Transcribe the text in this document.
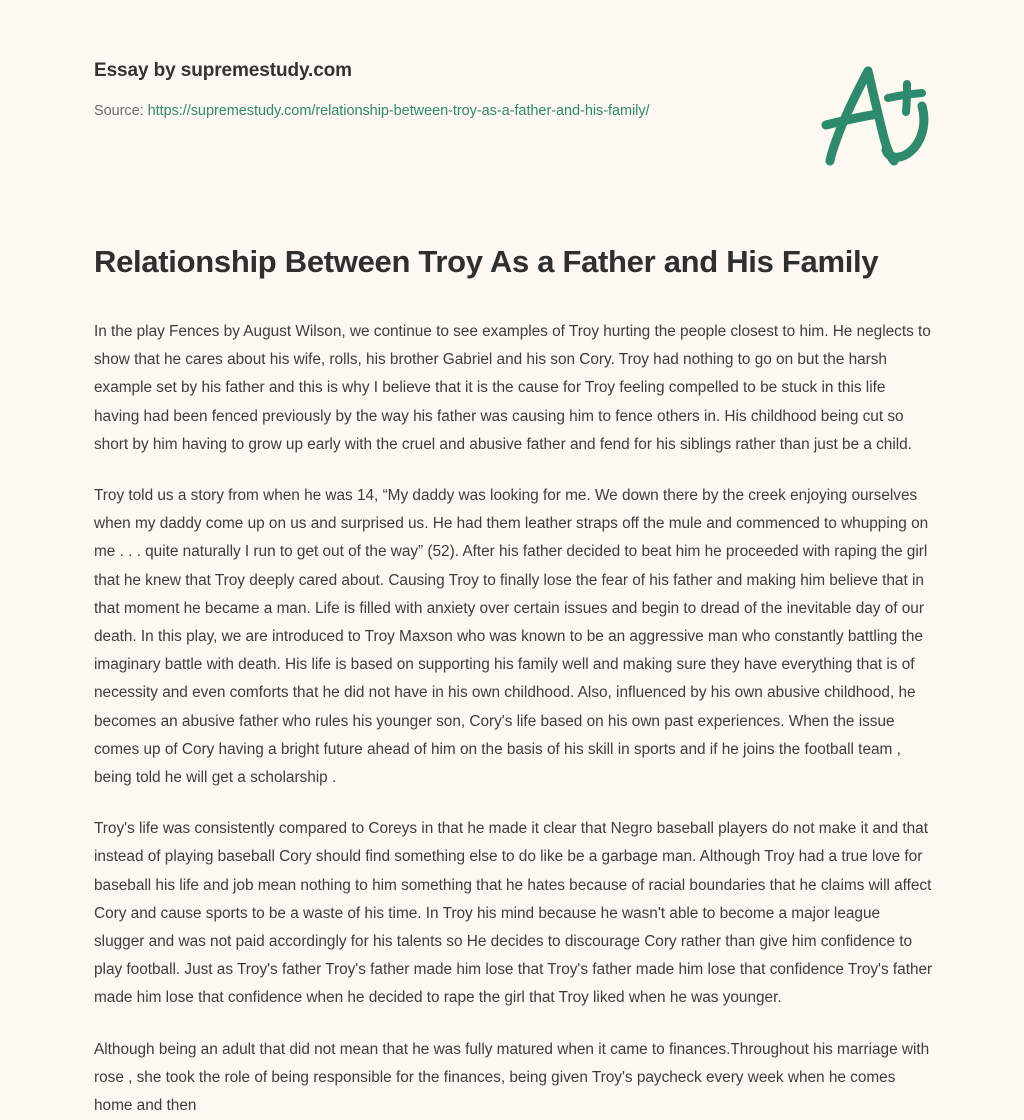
Essay by supremestudy.com
Source: https://supremestudy.com/relationship-between-troy-as-a-father-and-his-family/
Relationship Between Troy As a Father and His Family

In the play Fences by August Wilson, we continue to see examples of Troy hurting the people closest to him. He neglects to show that he cares about his wife, rolls, his brother Gabriel and his son Cory. Troy had nothing to go on but the harsh example set by his father and this is why I believe that it is the cause for Troy feeling compelled to be stuck in this life having had been fenced previously by the way his father was causing him to fence others in. His childhood being cut so short by him having to grow up early with the cruel and abusive father and fend for his siblings rather than just be a child.

Troy told us a story from when he was 14, “My daddy was looking for me. We down there by the creek enjoying ourselves when my daddy come up on us and surprised us. He had them leather straps off the mule and commenced to whupping on me . . . quite naturally I run to get out of the way” (52). After his father decided to beat him he proceeded with raping the girl that he knew that Troy deeply cared about. Causing Troy to finally lose the fear of his father and making him believe that in that moment he became a man. Life is filled with anxiety over certain issues and begin to dread of the inevitable day of our death. In this play, we are introduced to Troy Maxson who was known to be an aggressive man who constantly battling the imaginary battle with death. His life is based on supporting his family well and making sure they have everything that is of necessity and even comforts that he did not have in his own childhood. Also, influenced by his own abusive childhood, he becomes an abusive father who rules his younger son, Cory's life based on his own past experiences. When the issue comes up of Cory having a bright future ahead of him on the basis of his skill in sports and if he joins the football team , being told he will get a scholarship .

Troy's life was consistently compared to Coreys in that he made it clear that Negro baseball players do not make it and that instead of playing baseball Cory should find something else to do like be a garbage man. Although Troy had a true love for baseball his life and job mean nothing to him something that he hates because of racial boundaries that he claims will affect Cory and cause sports to be a waste of his time. In Troy his mind because he wasn't able to become a major league slugger and was not paid accordingly for his talents so He decides to discourage Cory rather than give him confidence to play football. Just as Troy's father Troy's father made him lose that Troy's father made him lose that confidence Troy's father made him lose that confidence when he decided to rape the girl that Troy liked when he was younger.

Although being an adult that did not mean that he was fully matured when it came to finances.Throughout his marriage with rose , she took the role of being responsible for the finances, being given Troy's paycheck every week when he comes home and then
